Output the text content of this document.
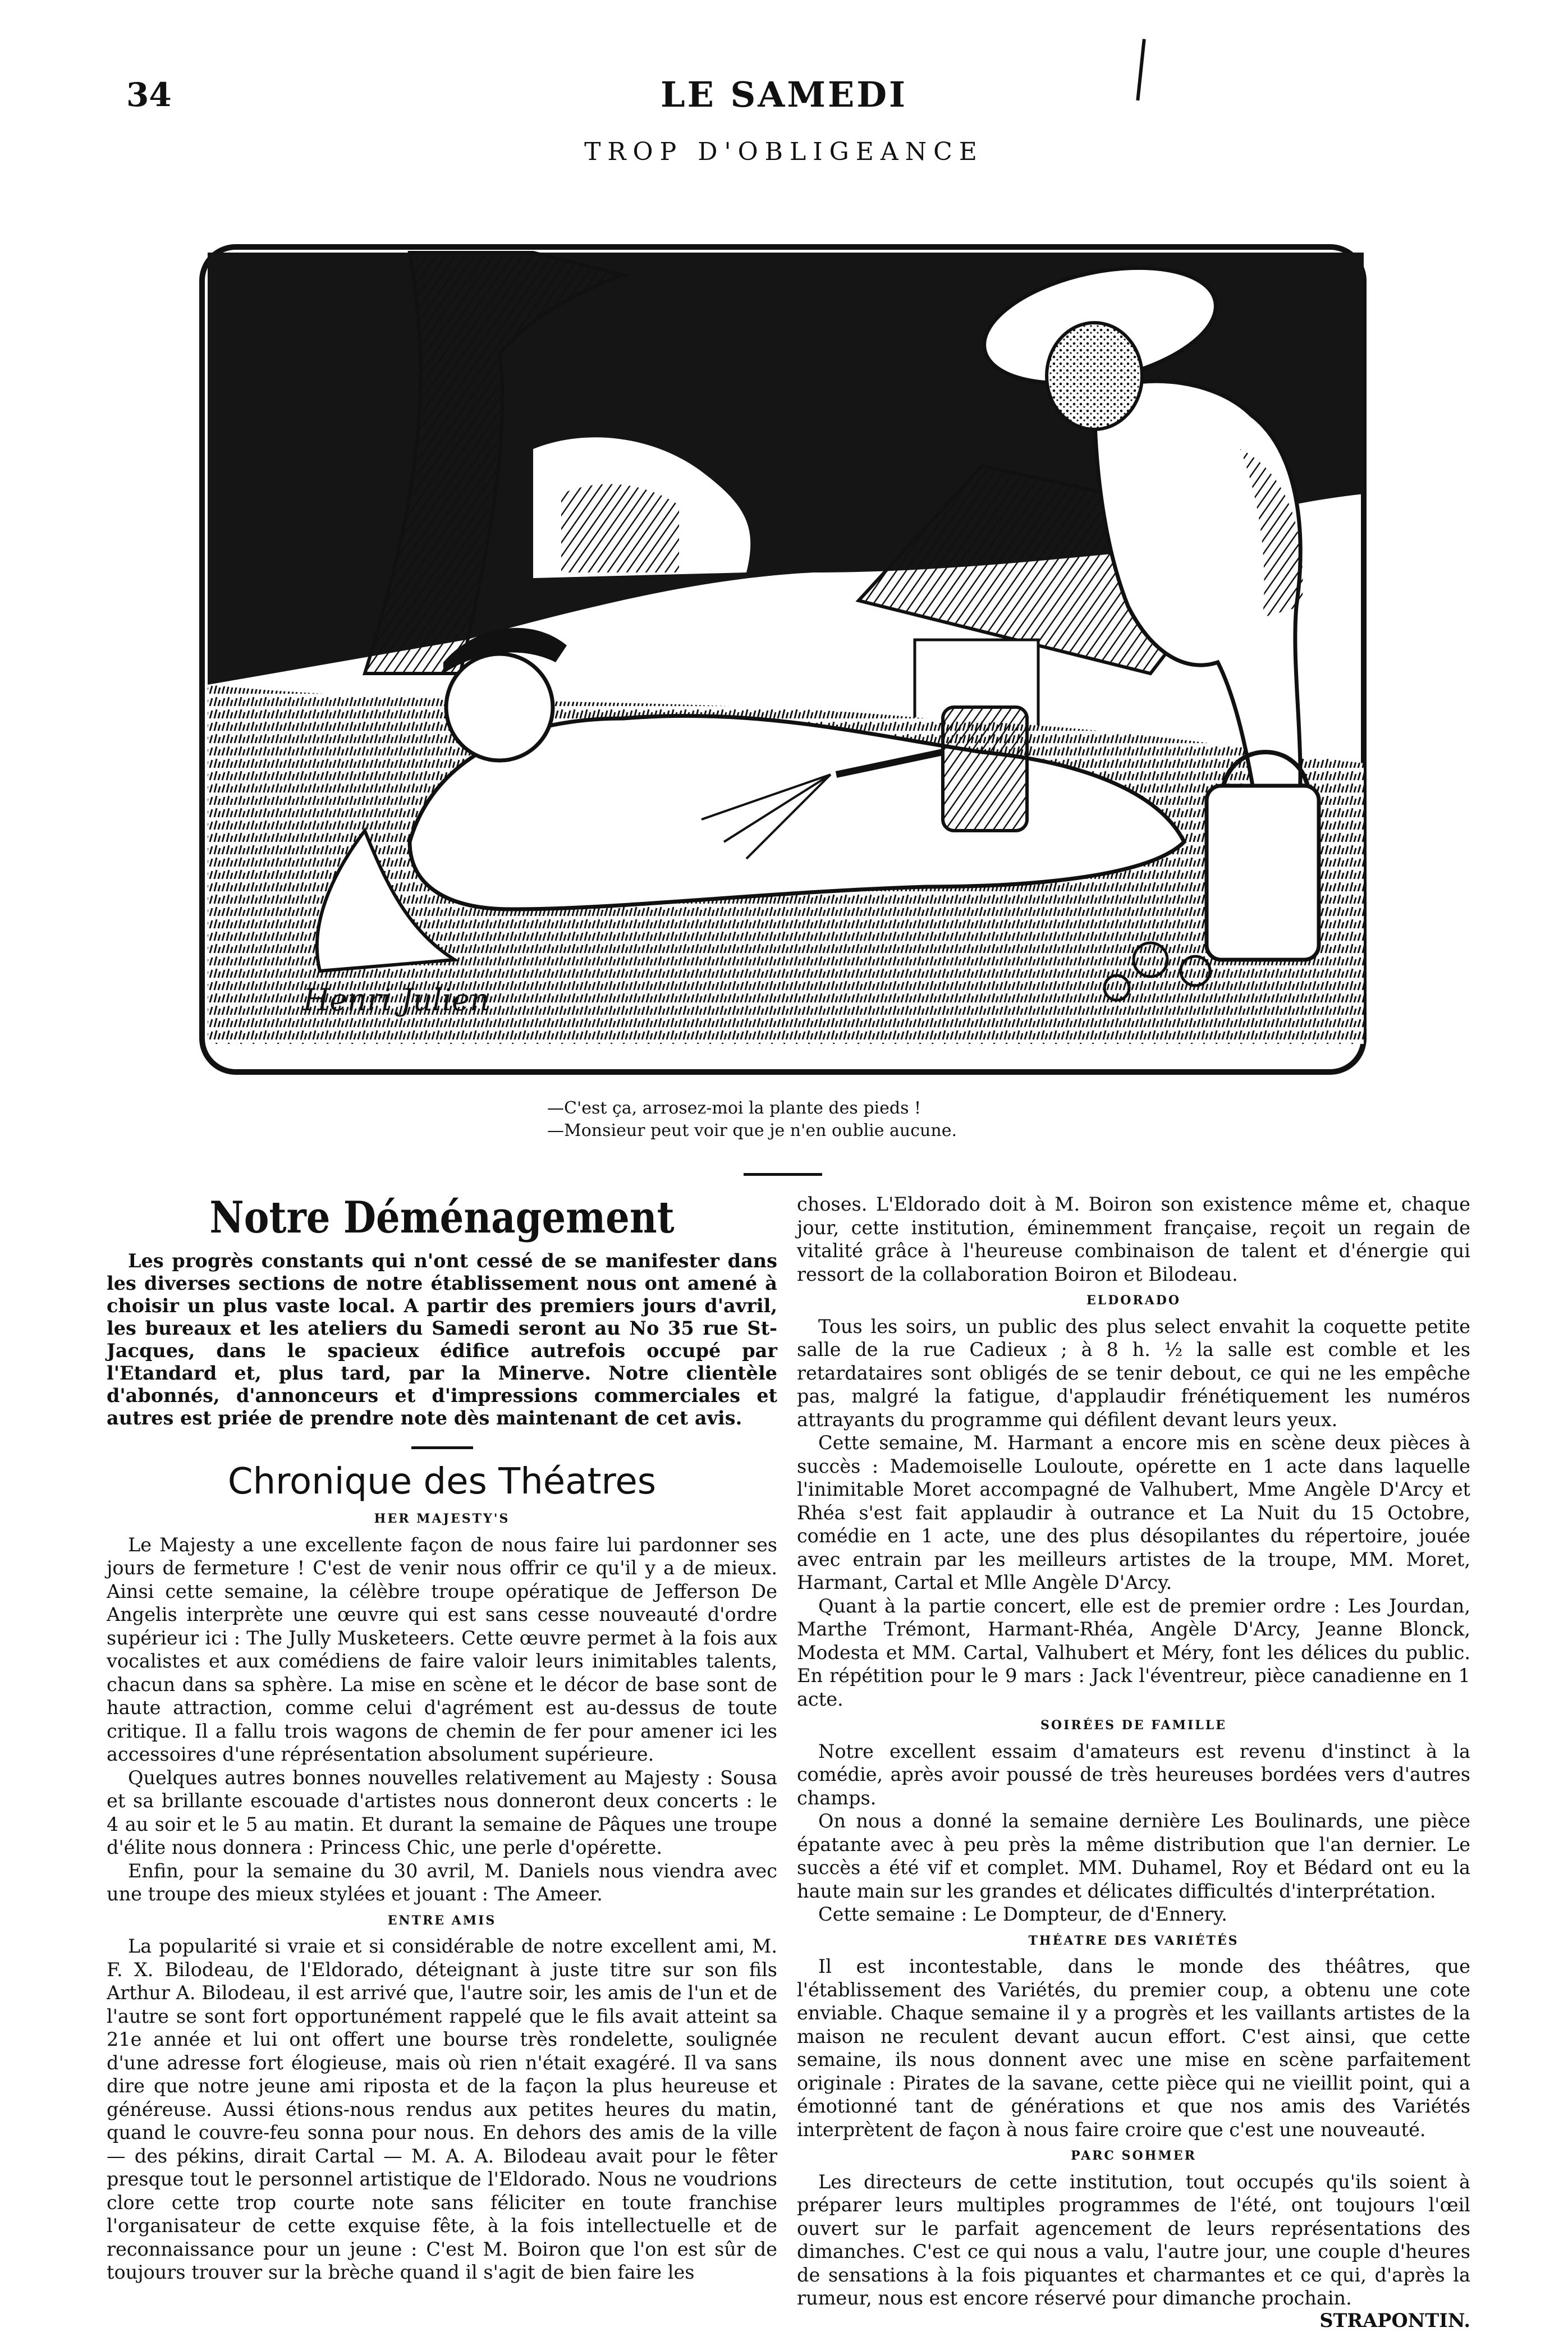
34	LE SAMEDI
TROP D'OBLIGEANCE
Henri Julien
—C'est ça, arrosez-moi la plante des pieds !
—Monsieur peut voir que je n'en oublie aucune.
Notre Déménagement

Les progrès constants qui n'ont cessé de se manifester dans les diverses sections de notre établissement nous ont amené à choisir un plus vaste local. A partir des premiers jours d'avril, les bureaux et les ateliers du Samedi seront au No 35 rue St-Jacques, dans le spacieux édifice autrefois occupé par l'Etandard et, plus tard, par la Minerve. Notre clientèle d'abonnés, d'annonceurs et d'impressions commerciales et autres est priée de prendre note dès maintenant de cet avis.

Chronique des Théatres

HER MAJESTY'S

Le Majesty a une excellente façon de nous faire lui pardonner ses jours de fermeture ! C'est de venir nous offrir ce qu'il y a de mieux. Ainsi cette semaine, la célèbre troupe opératique de Jefferson De Angelis interprète une œuvre qui est sans cesse nouveauté d'ordre supérieur ici : The Jully Musketeers. Cette œuvre permet à la fois aux vocalistes et aux comédiens de faire valoir leurs inimitables talents, chacun dans sa sphère. La mise en scène et le décor de base sont de haute attraction, comme celui d'agrément est au-dessus de toute critique. Il a fallu trois wagons de chemin de fer pour amener ici les accessoires d'une réprésentation absolument supérieure.

Quelques autres bonnes nouvelles relativement au Majesty : Sousa et sa brillante escouade d'artistes nous donneront deux concerts : le 4 au soir et le 5 au matin. Et durant la semaine de Pâques une troupe d'élite nous donnera : Princess Chic, une perle d'opérette.

Enfin, pour la semaine du 30 avril, M. Daniels nous viendra avec une troupe des mieux stylées et jouant : The Ameer.

ENTRE AMIS

La popularité si vraie et si considérable de notre excellent ami, M. F. X. Bilodeau, de l'Eldorado, déteignant à juste titre sur son fils Arthur A. Bilodeau, il est arrivé que, l'autre soir, les amis de l'un et de l'autre se sont fort opportunément rappelé que le fils avait atteint sa 21e année et lui ont offert une bourse très rondelette, soulignée d'une adresse fort élogieuse, mais où rien n'était exagéré. Il va sans dire que notre jeune ami riposta et de la façon la plus heureuse et généreuse. Aussi étions-nous rendus aux petites heures du matin, quand le couvre-feu sonna pour nous. En dehors des amis de la ville — des pékins, dirait Cartal — M. A. A. Bilodeau avait pour le fêter presque tout le personnel artistique de l'Eldorado. Nous ne voudrions clore cette trop courte note sans féliciter en toute franchise l'organisateur de cette exquise fête, à la fois intellectuelle et de reconnaissance pour un jeune : C'est M. Boiron que l'on est sûr de toujours trouver sur la brèche quand il s'agit de bien faire les

choses. L'Eldorado doit à M. Boiron son existence même et, chaque jour, cette institution, éminemment française, reçoit un regain de vitalité grâce à l'heureuse combinaison de talent et d'énergie qui ressort de la collaboration Boiron et Bilodeau.

ELDORADO

Tous les soirs, un public des plus select envahit la coquette petite salle de la rue Cadieux ; à 8 h. ½ la salle est comble et les retardataires sont obligés de se tenir debout, ce qui ne les empêche pas, malgré la fatigue, d'applaudir frénétiquement les numéros attrayants du programme qui défilent devant leurs yeux.

Cette semaine, M. Harmant a encore mis en scène deux pièces à succès : Mademoiselle Louloute, opérette en 1 acte dans laquelle l'inimitable Moret accompagné de Valhubert, Mme Angèle D'Arcy et Rhéa s'est fait applaudir à outrance et La Nuit du 15 Octobre, comédie en 1 acte, une des plus désopilantes du répertoire, jouée avec entrain par les meilleurs artistes de la troupe, MM. Moret, Harmant, Cartal et Mlle Angèle D'Arcy.

Quant à la partie concert, elle est de premier ordre : Les Jourdan, Marthe Trémont, Harmant-Rhéa, Angèle D'Arcy, Jeanne Blonck, Modesta et MM. Cartal, Valhubert et Méry, font les délices du public. En répétition pour le 9 mars : Jack l'éventreur, pièce canadienne en 1 acte.

SOIRÉES DE FAMILLE

Notre excellent essaim d'amateurs est revenu d'instinct à la comédie, après avoir poussé de très heureuses bordées vers d'autres champs.

On nous a donné la semaine dernière Les Boulinards, une pièce épatante avec à peu près la même distribution que l'an dernier. Le succès a été vif et complet. MM. Duhamel, Roy et Bédard ont eu la haute main sur les grandes et délicates difficultés d'interprétation.

Cette semaine : Le Dompteur, de d'Ennery.

THÉATRE DES VARIÉTÉS

Il est incontestable, dans le monde des théâtres, que l'établissement des Variétés, du premier coup, a obtenu une cote enviable. Chaque semaine il y a progrès et les vaillants artistes de la maison ne reculent devant aucun effort. C'est ainsi, que cette semaine, ils nous donnent avec une mise en scène parfaitement originale : Pirates de la savane, cette pièce qui ne vieillit point, qui a émotionné tant de générations et que nos amis des Variétés interprètent de façon à nous faire croire que c'est une nouveauté.

PARC SOHMER

Les directeurs de cette institution, tout occupés qu'ils soient à préparer leurs multiples programmes de l'été, ont toujours l'œil ouvert sur le parfait agencement de leurs représentations des dimanches. C'est ce qui nous a valu, l'autre jour, une couple d'heures de sensations à la fois piquantes et charmantes et ce qui, d'après la rumeur, nous est encore réservé pour dimanche prochain.

STRAPONTIN.
